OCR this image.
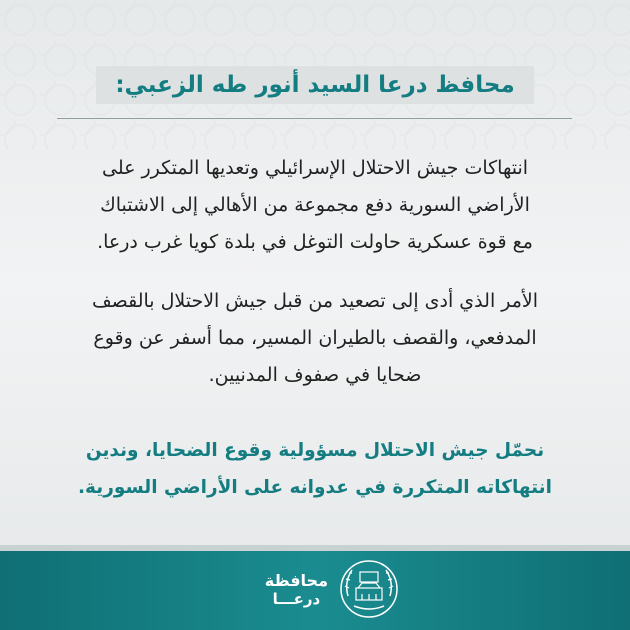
محافظ درعا السيد أنور طه الزعبي:
انتهاكات جيش الاحتلال الإسرائيلي وتعديها المتكرر على
الأراضي السورية دفع مجموعة من الأهالي إلى الاشتباك
مع قوة عسكرية حاولت التوغل في بلدة كويا غرب درعا.
الأمر الذي أدى إلى تصعيد من قبل جيش الاحتلال بالقصف
المدفعي، والقصف بالطيران المسير، مما أسفر عن وقوع
ضحايا في صفوف المدنيين.
نحمّل جيش الاحتلال مسؤولية وقوع الضحايا، وندين
انتهاكاته المتكررة في عدوانه على الأراضي السورية.
محافظة
درعـــا
